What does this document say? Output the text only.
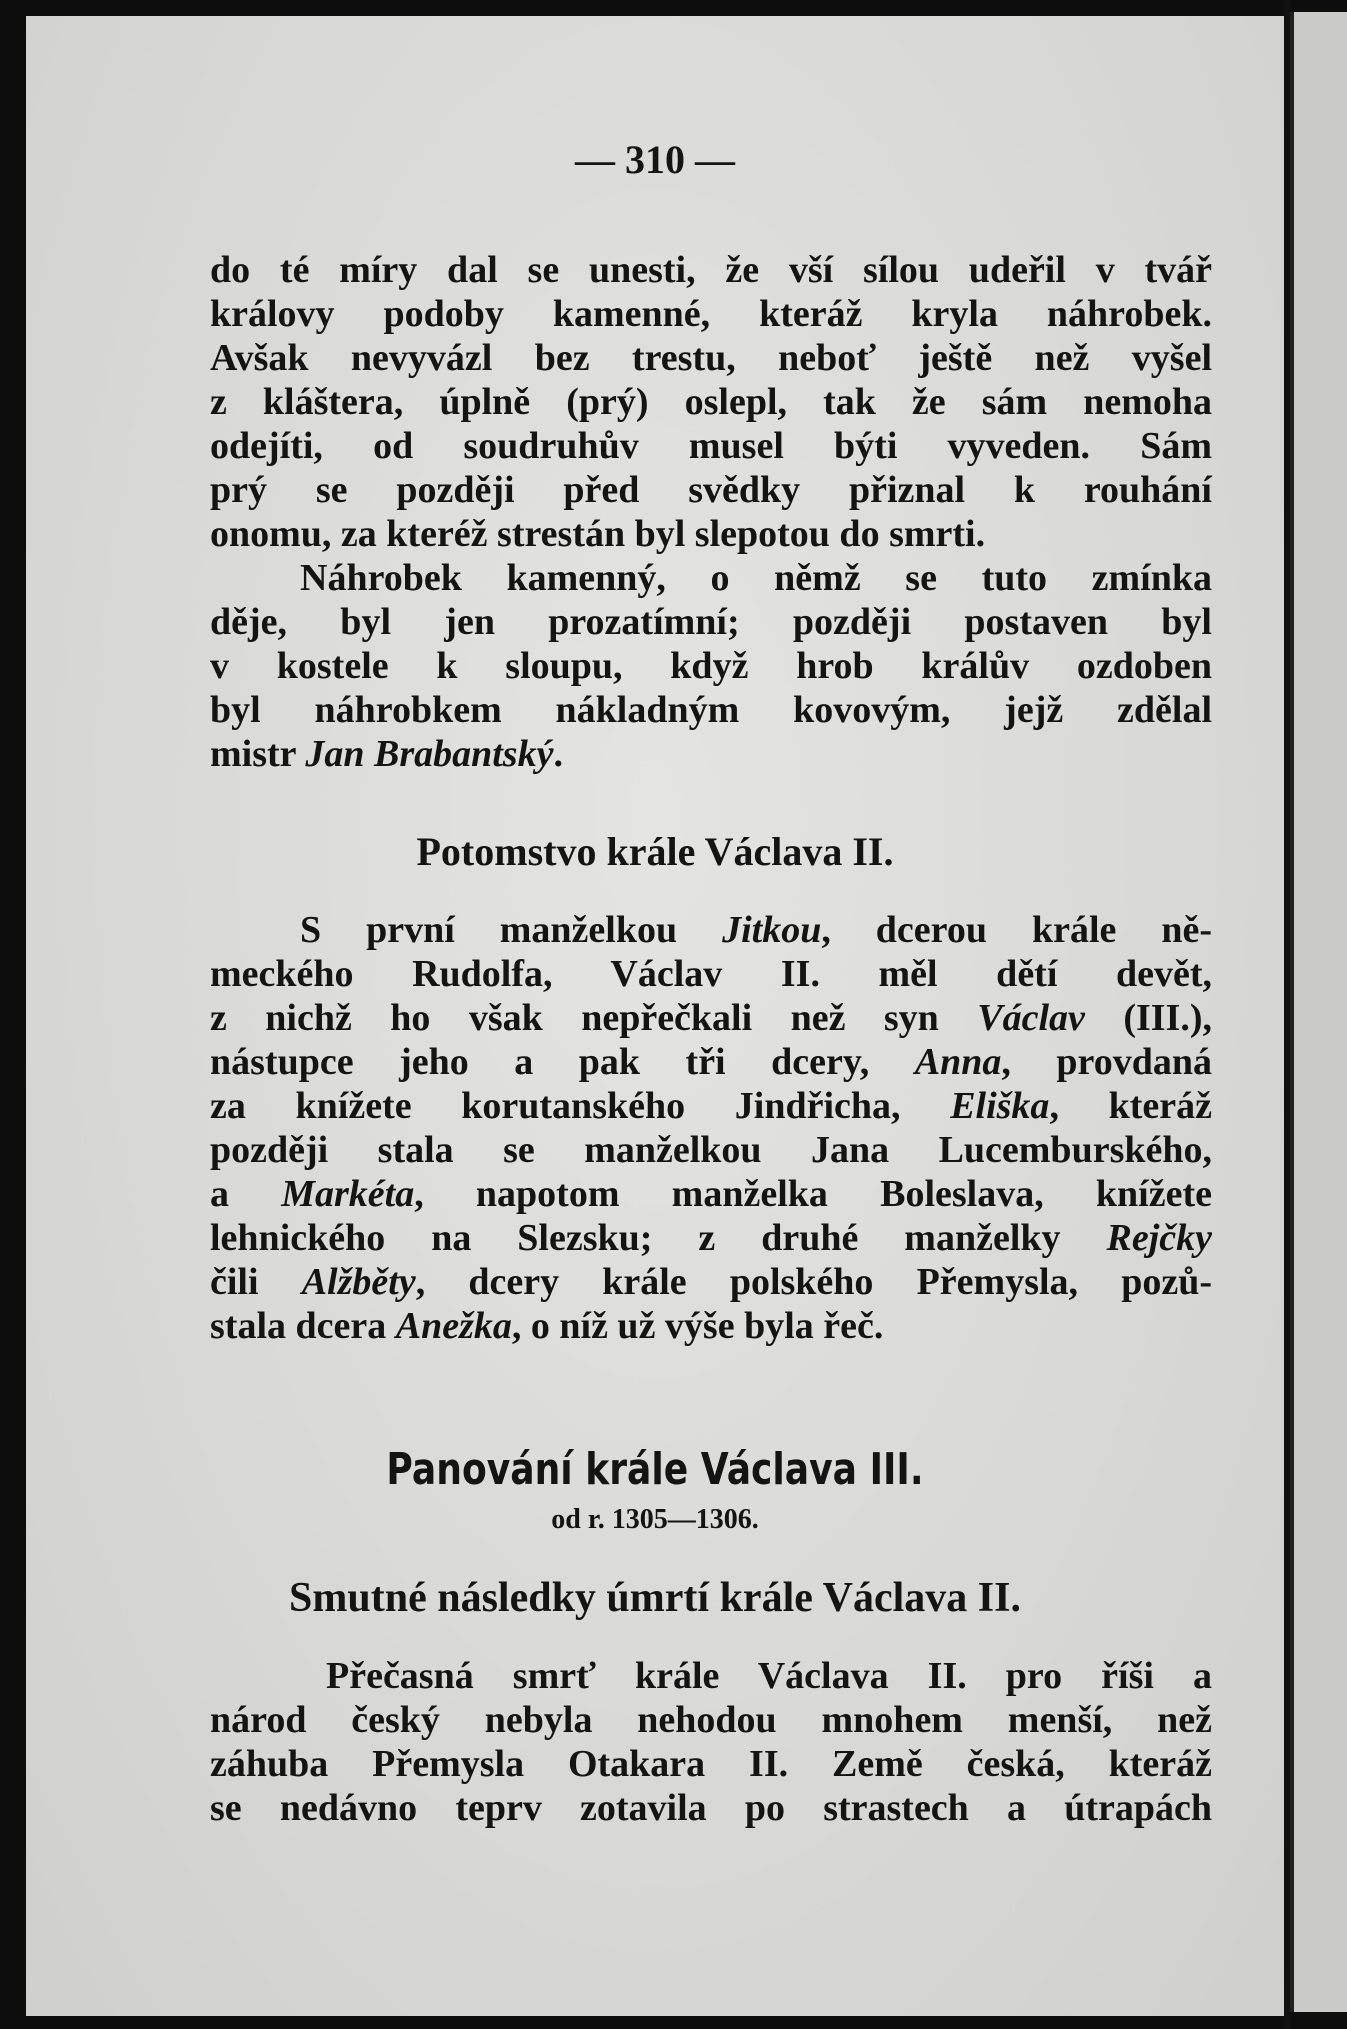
— 310 —
do té míry dal se unesti, že vší sílou udeřil v tvář
královy podoby kamenné, kteráž kryla náhrobek.
Avšak nevyvázl bez trestu, neboť ještě než vyšel
z kláštera, úplně (prý) oslepl, tak že sám nemoha
odejíti, od soudruhův musel býti vyveden. Sám
prý se později před svědky přiznal k rouhání
onomu, za kteréž strestán byl slepotou do smrti.
Náhrobek kamenný, o němž se tuto zmínka
děje, byl jen prozatímní; později postaven byl
v kostele k sloupu, když hrob králův ozdoben
byl náhrobkem nákladným kovovým, jejž zdělal
mistr Jan Brabantský.
Potomstvo krále Václava II.
S první manželkou Jitkou, dcerou krále ně-
meckého Rudolfa, Václav II. měl dětí devět,
z nichž ho však nepřečkali než syn Václav (III.),
nástupce jeho a pak tři dcery, Anna, provdaná
za knížete korutanského Jindřicha, Eliška, kteráž
později stala se manželkou Jana Lucemburského,
a Markéta, napotom manželka Boleslava, knížete
lehnického na Slezsku; z druhé manželky Rejčky
čili Alžběty, dcery krále polského Přemysla, pozů-
stala dcera Anežka, o níž už výše byla řeč.
Panování krále Václava III.
od r. 1305—1306.
Smutné následky úmrtí krále Václava II.
Přečasná smrť krále Václava II. pro říši a
národ český nebyla nehodou mnohem menší, než
záhuba Přemysla Otakara II. Země česká, kteráž
se nedávno teprv zotavila po strastech a útrapách
